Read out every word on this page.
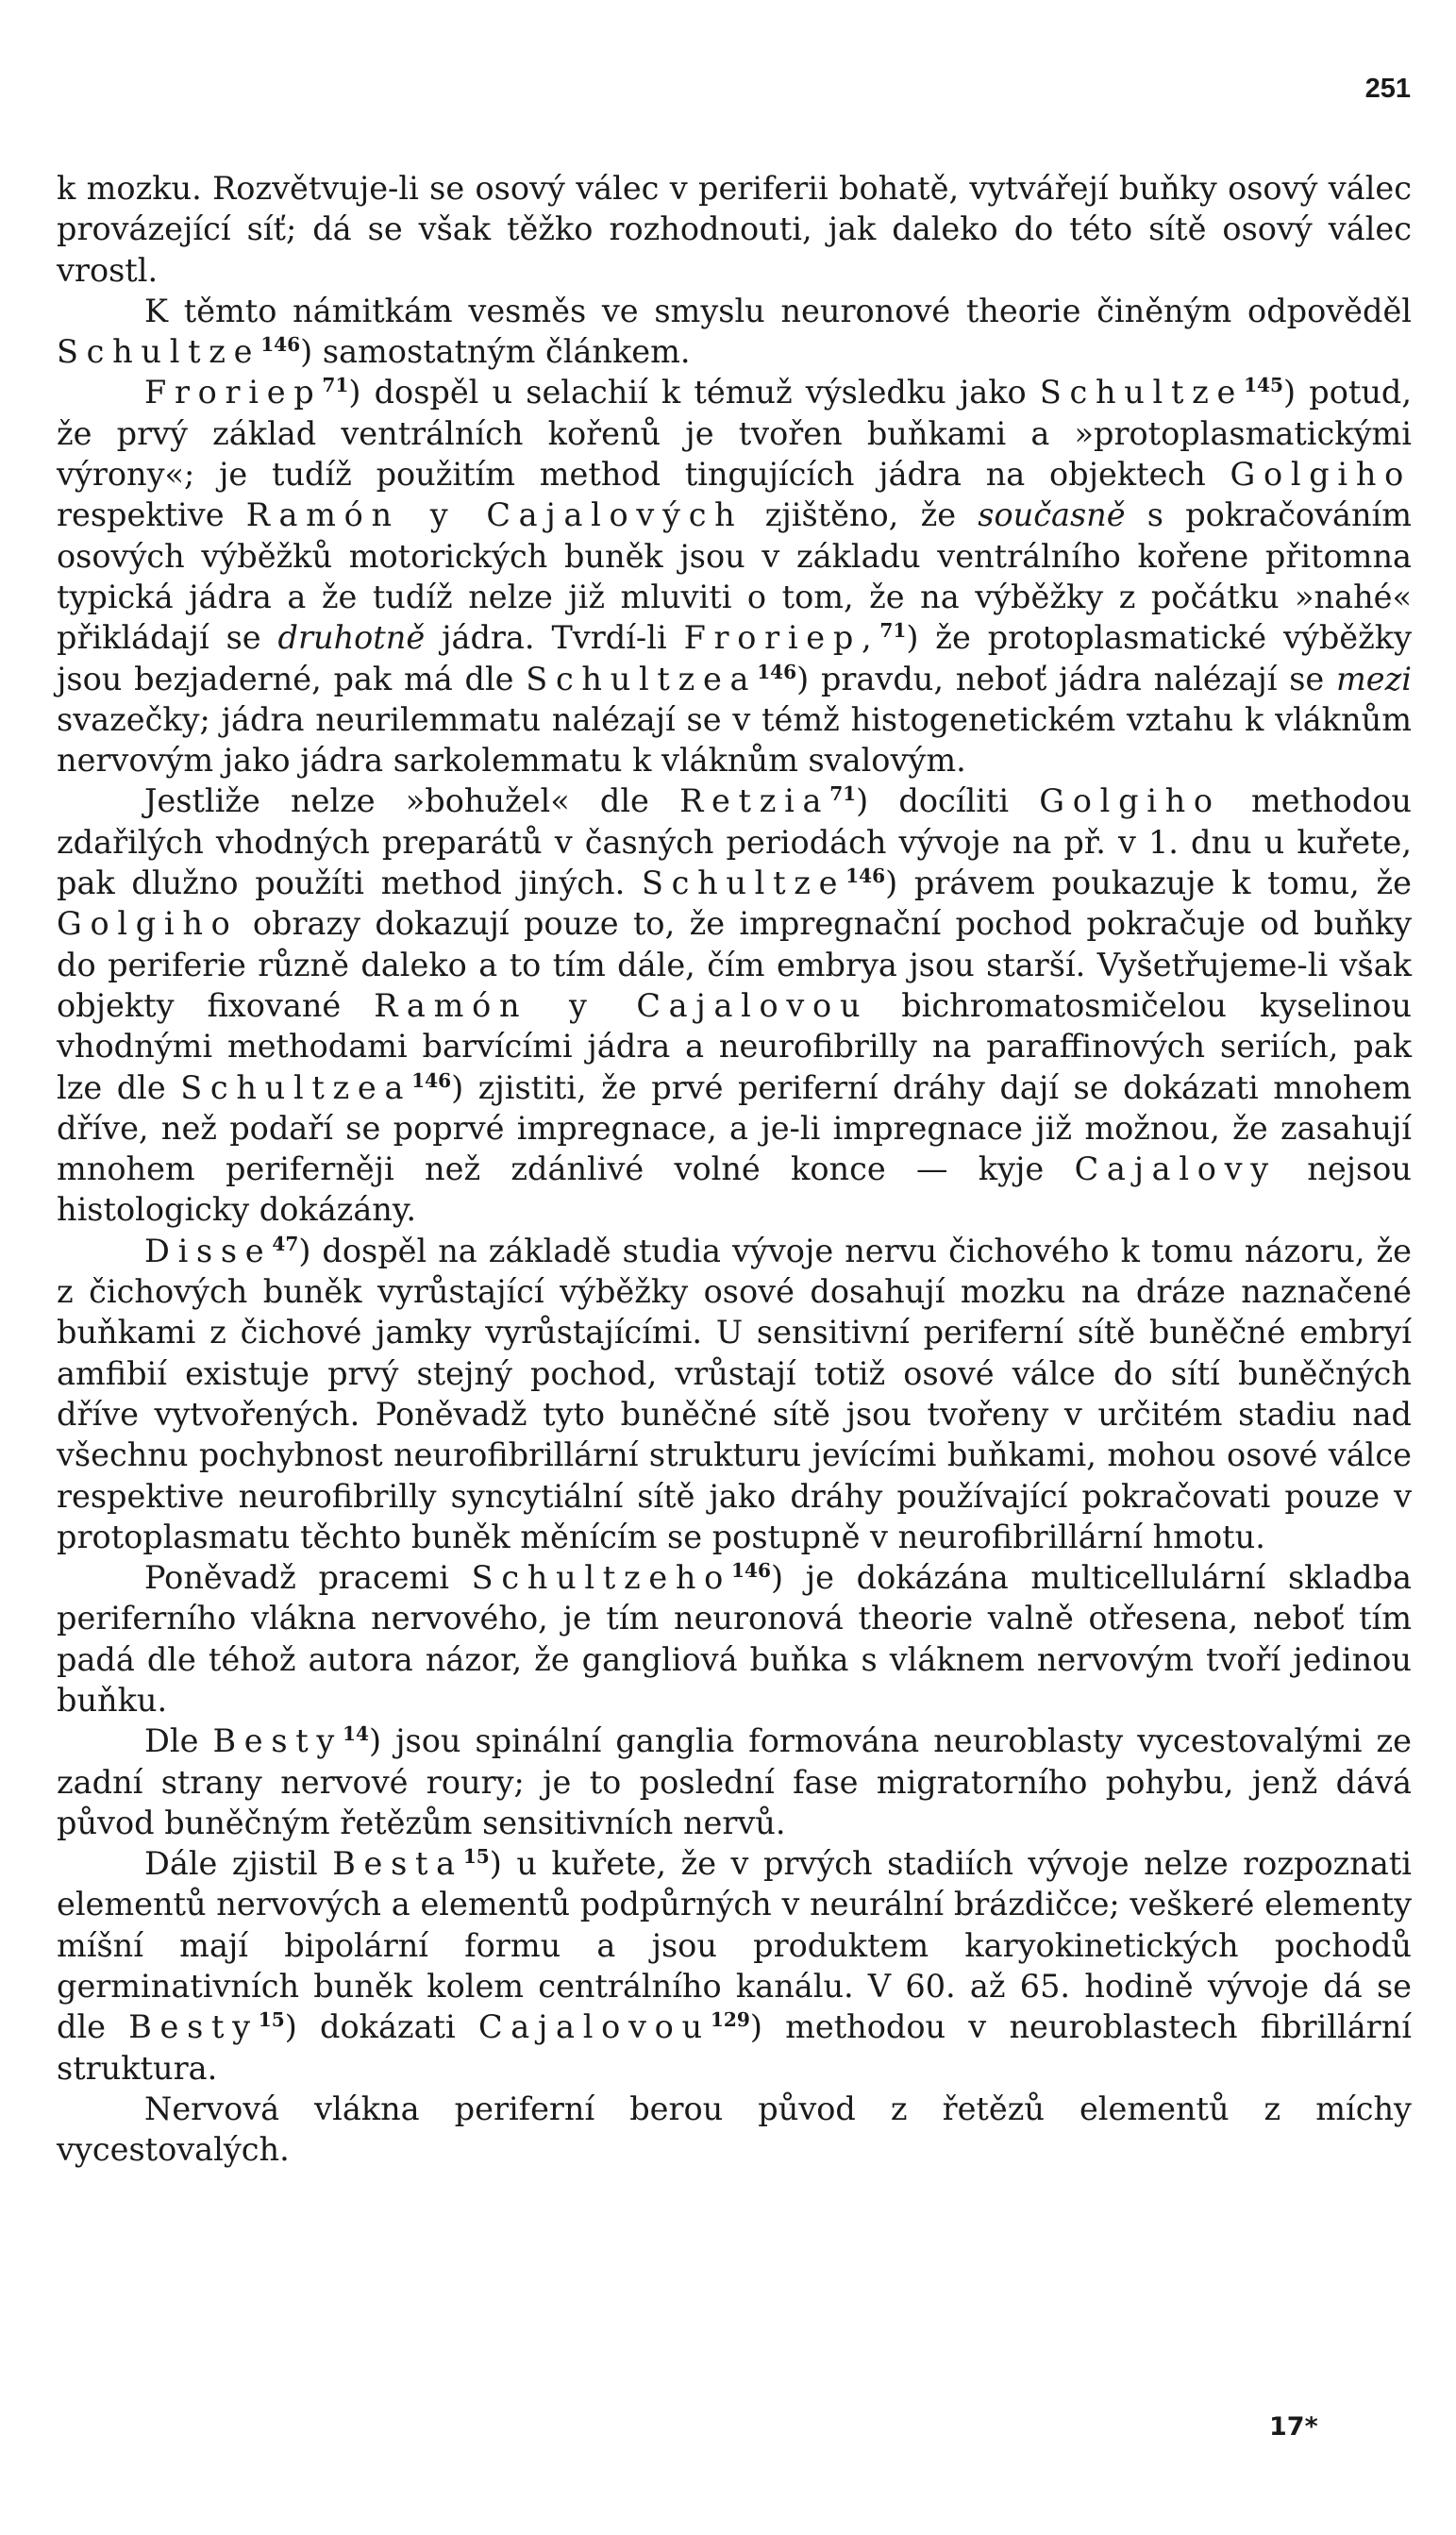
251

k mozku. Rozvětvuje-li se osový válec v periferii bohatě, vytvářejí buňky osový válec provázející síť; dá se však těžko rozhodnouti, jak daleko do této sítě osový válec vrostl.

K těmto námitkám vesměs ve smyslu neuronové theorie činěným odpověděl Schultze$^{146}$) samostatným článkem.

Froriep$^{71}$) dospěl u selachií k témuž výsledku jako Schultze$^{145}$) potud, že prvý základ ventrálních kořenů je tvořen buňkami a »protoplasmatickými výrony«; je tudíž použitím method tingujících jádra na objektech Golgiho respektive Ramón y Cajalových zjištěno, že současně s pokračováním osových výběžků motorických buněk jsou v základu ventrálního kořene přitomna typická jádra a že tudíž nelze již mluviti o tom, že na výběžky z počátku »nahé« přikládají se druhotně jádra. Tvrdí-li Froriep,$^{71}$) že protoplasmatické výběžky jsou bezjaderné, pak má dle Schultzea$^{146}$) pravdu, neboť jádra nalézají se mezi svazečky; jádra neurilemmatu nalézají se v témž histogenetickém vztahu k vláknům nervovým jako jádra sarkolemmatu k vláknům svalovým.

Jestliže nelze »bohužel« dle Retzia$^{71}$) docíliti Golgiho methodou zdařilých vhodných preparátů v časných periodách vývoje na př. v 1. dnu u kuřete, pak dlužno použíti method jiných. Schultze$^{146}$) právem poukazuje k tomu, že Golgiho obrazy dokazují pouze to, že impregnační pochod pokračuje od buňky do periferie různě daleko a to tím dále, čím embrya jsou starší. Vyšetřujeme-li však objekty fixované Ramón y Cajalovou bichromatosmičelou kyselinou vhodnými methodami barvícími jádra a neurofibrilly na paraffinových seriích, pak lze dle Schultzea$^{146}$) zjistiti, že prvé periferní dráhy dají se dokázati mnohem dříve, než podaří se poprvé impregnace, a je-li impregnace již možnou, že zasahují mnohem periferněji než zdánlivé volné konce — kyje Cajalovy nejsou histologicky dokázány.

Disse$^{47}$) dospěl na základě studia vývoje nervu čichového k tomu názoru, že z čichových buněk vyrůstající výběžky osové dosahují mozku na dráze naznačené buňkami z čichové jamky vyrůstajícími. U sensitivní periferní sítě buněčné embryí amfibií existuje prvý stejný pochod, vrůstají totiž osové válce do sítí buněčných dříve vytvořených. Poněvadž tyto buněčné sítě jsou tvořeny v určitém stadiu nad všechnu pochybnost neurofibrillární strukturu jevícími buňkami, mohou osové válce respektive neurofibrilly syncytiální sítě jako dráhy používající pokračovati pouze v protoplasmatu těchto buněk měnícím se postupně v neurofibrillární hmotu.

Poněvadž pracemi Schultzeho$^{146}$) je dokázána multicellulární skladba periferního vlákna nervového, je tím neuronová theorie valně otřesena, neboť tím padá dle téhož autora názor, že gangliová buňka s vláknem nervovým tvoří jedinou buňku.

Dle Besty$^{14}$) jsou spinální ganglia formována neuroblasty vycestovalými ze zadní strany nervové roury; je to poslední fase migratorního pohybu, jenž dává původ buněčným řetězům sensitivních nervů.

Dále zjistil Besta$^{15}$) u kuřete, že v prvých stadiích vývoje nelze rozpoznati elementů nervových a elementů podpůrných v neurální brázdičce; veškeré elementy míšní mají bipolární formu a jsou produktem karyokinetických pochodů germinativních buněk kolem centrálního kanálu. V 60. až 65. hodině vývoje dá se dle Besty$^{15}$) dokázati Cajalovou$^{129}$) methodou v neuroblastech fibrillární struktura.

Nervová vlákna periferní berou původ z řetězů elementů z míchy vycestovalých.

17*
